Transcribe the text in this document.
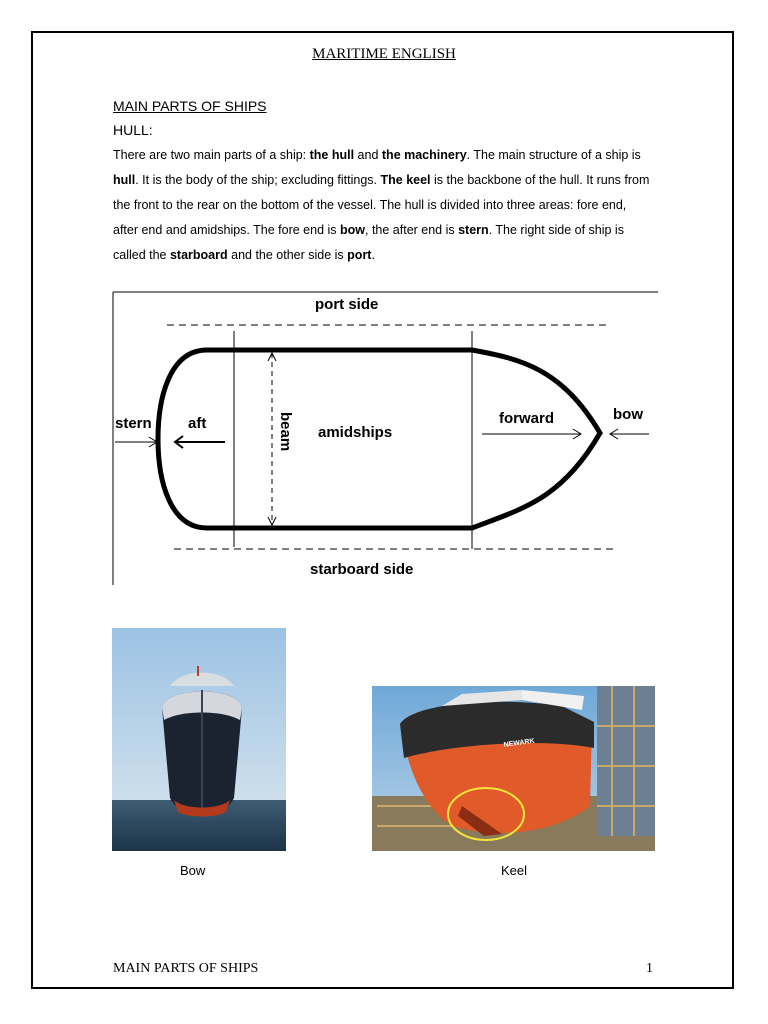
MARITIME ENGLISH
MAIN PARTS OF SHIPS
HULL:

There are two main parts of a ship: the hull and the machinery. The main structure of a ship is hull. It is the body of the ship; excluding fittings. The keel is the backbone of the hull. It runs from the front to the rear on the bottom of the vessel. The hull is divided into three areas: fore end, after end and amidships. The fore end is bow, the after end is stern. The right side of ship is called the starboard and the other side is port.

port side
starboard side
stern aft
amidships
forward	bow
beam
Bow
NEWARK
Keel
MAIN PARTS OF SHIPS	1
